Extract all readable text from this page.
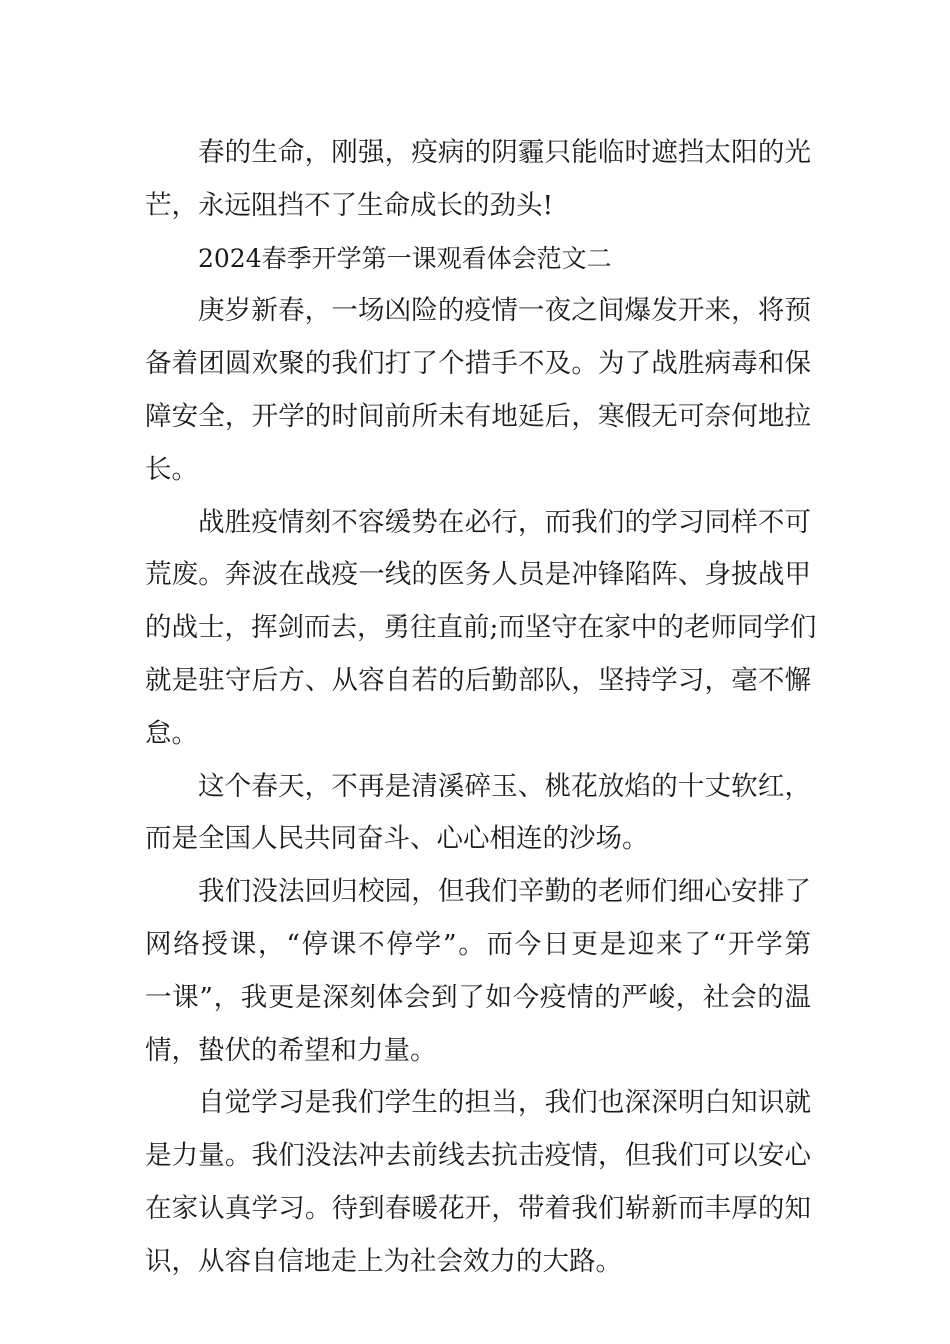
春的生命，刚强，疫病的阴霾只能临时遮挡太阳的光
芒，永远阻挡不了生命成长的劲头!
2024春季开学第一课观看体会范文二
庚岁新春，一场凶险的疫情一夜之间爆发开来，将预
备着团圆欢聚的我们打了个措手不及。为了战胜病毒和保
障安全，开学的时间前所未有地延后，寒假无可奈何地拉
长。
战胜疫情刻不容缓势在必行，而我们的学习同样不可
荒废。奔波在战疫一线的医务人员是冲锋陷阵、身披战甲
的战士，挥剑而去，勇往直前;而坚守在家中的老师同学们
就是驻守后方、从容自若的后勤部队，坚持学习，毫不懈
怠。
这个春天，不再是清溪碎玉、桃花放焰的十丈软红，
而是全国人民共同奋斗、心心相连的沙场。
我们没法回归校园，但我们辛勤的老师们细心安排了
网络授课，“停课不停学”。而今日更是迎来了“开学第
一课”，我更是深刻体会到了如今疫情的严峻，社会的温
情，蛰伏的希望和力量。
自觉学习是我们学生的担当，我们也深深明白知识就
是力量。我们没法冲去前线去抗击疫情，但我们可以安心
在家认真学习。待到春暖花开，带着我们崭新而丰厚的知
识，从容自信地走上为社会效力的大路。
